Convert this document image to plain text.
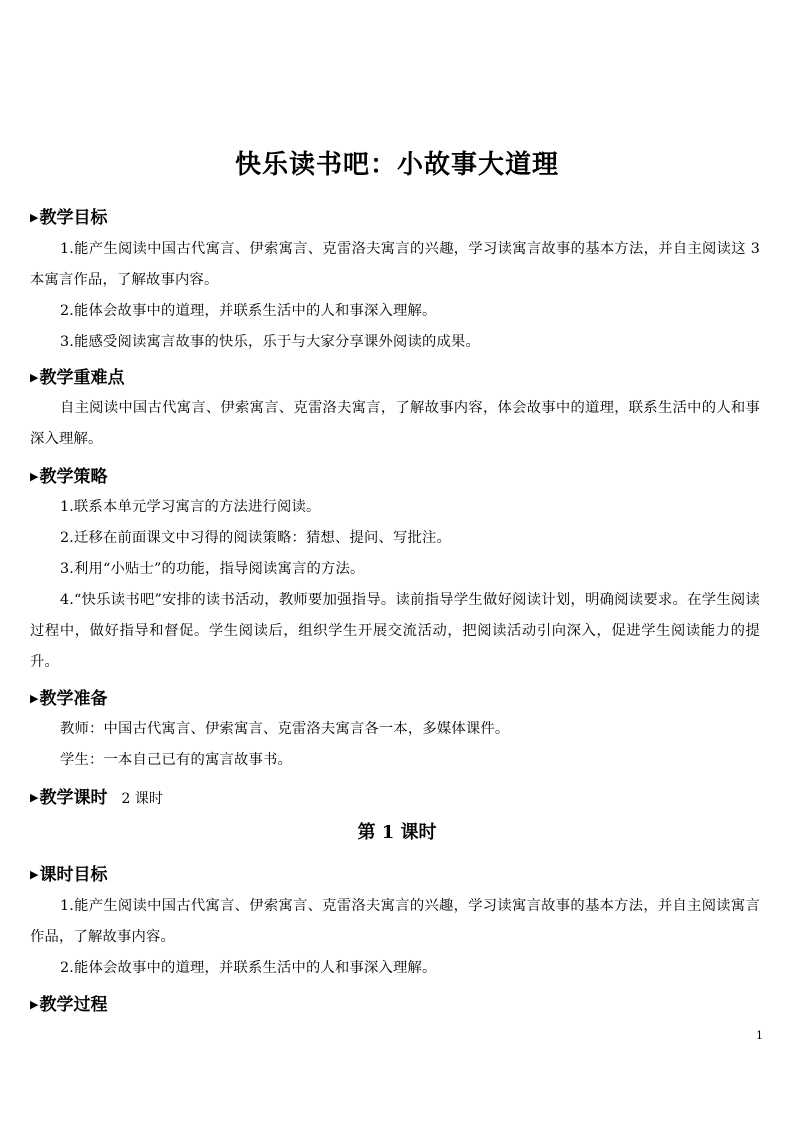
快乐读书吧：小故事大道理
▶教学目标
1.能产生阅读中国古代寓言、伊索寓言、克雷洛夫寓言的兴趣，学习读寓言故事的基本方法，并自主阅读这 3 本寓言作品，了解故事内容。
2.能体会故事中的道理，并联系生活中的人和事深入理解。
3.能感受阅读寓言故事的快乐，乐于与大家分享课外阅读的成果。
▶教学重难点
自主阅读中国古代寓言、伊索寓言、克雷洛夫寓言，了解故事内容，体会故事中的道理，联系生活中的人和事深入理解。
▶教学策略
1.联系本单元学习寓言的方法进行阅读。
2.迁移在前面课文中习得的阅读策略：猜想、提问、写批注。
3.利用“小贴士”的功能，指导阅读寓言的方法。
4.“快乐读书吧”安排的读书活动，教师要加强指导。读前指导学生做好阅读计划，明确阅读要求。在学生阅读过程中，做好指导和督促。学生阅读后，组织学生开展交流活动，把阅读活动引向深入，促进学生阅读能力的提升。
▶教学准备
教师：中国古代寓言、伊索寓言、克雷洛夫寓言各一本，多媒体课件。
学生：一本自己已有的寓言故事书。
▶教学课时 2 课时
第 1 课时
▶课时目标
1.能产生阅读中国古代寓言、伊索寓言、克雷洛夫寓言的兴趣，学习读寓言故事的基本方法，并自主阅读寓言作品，了解故事内容。
2.能体会故事中的道理，并联系生活中的人和事深入理解。
▶教学过程
1
